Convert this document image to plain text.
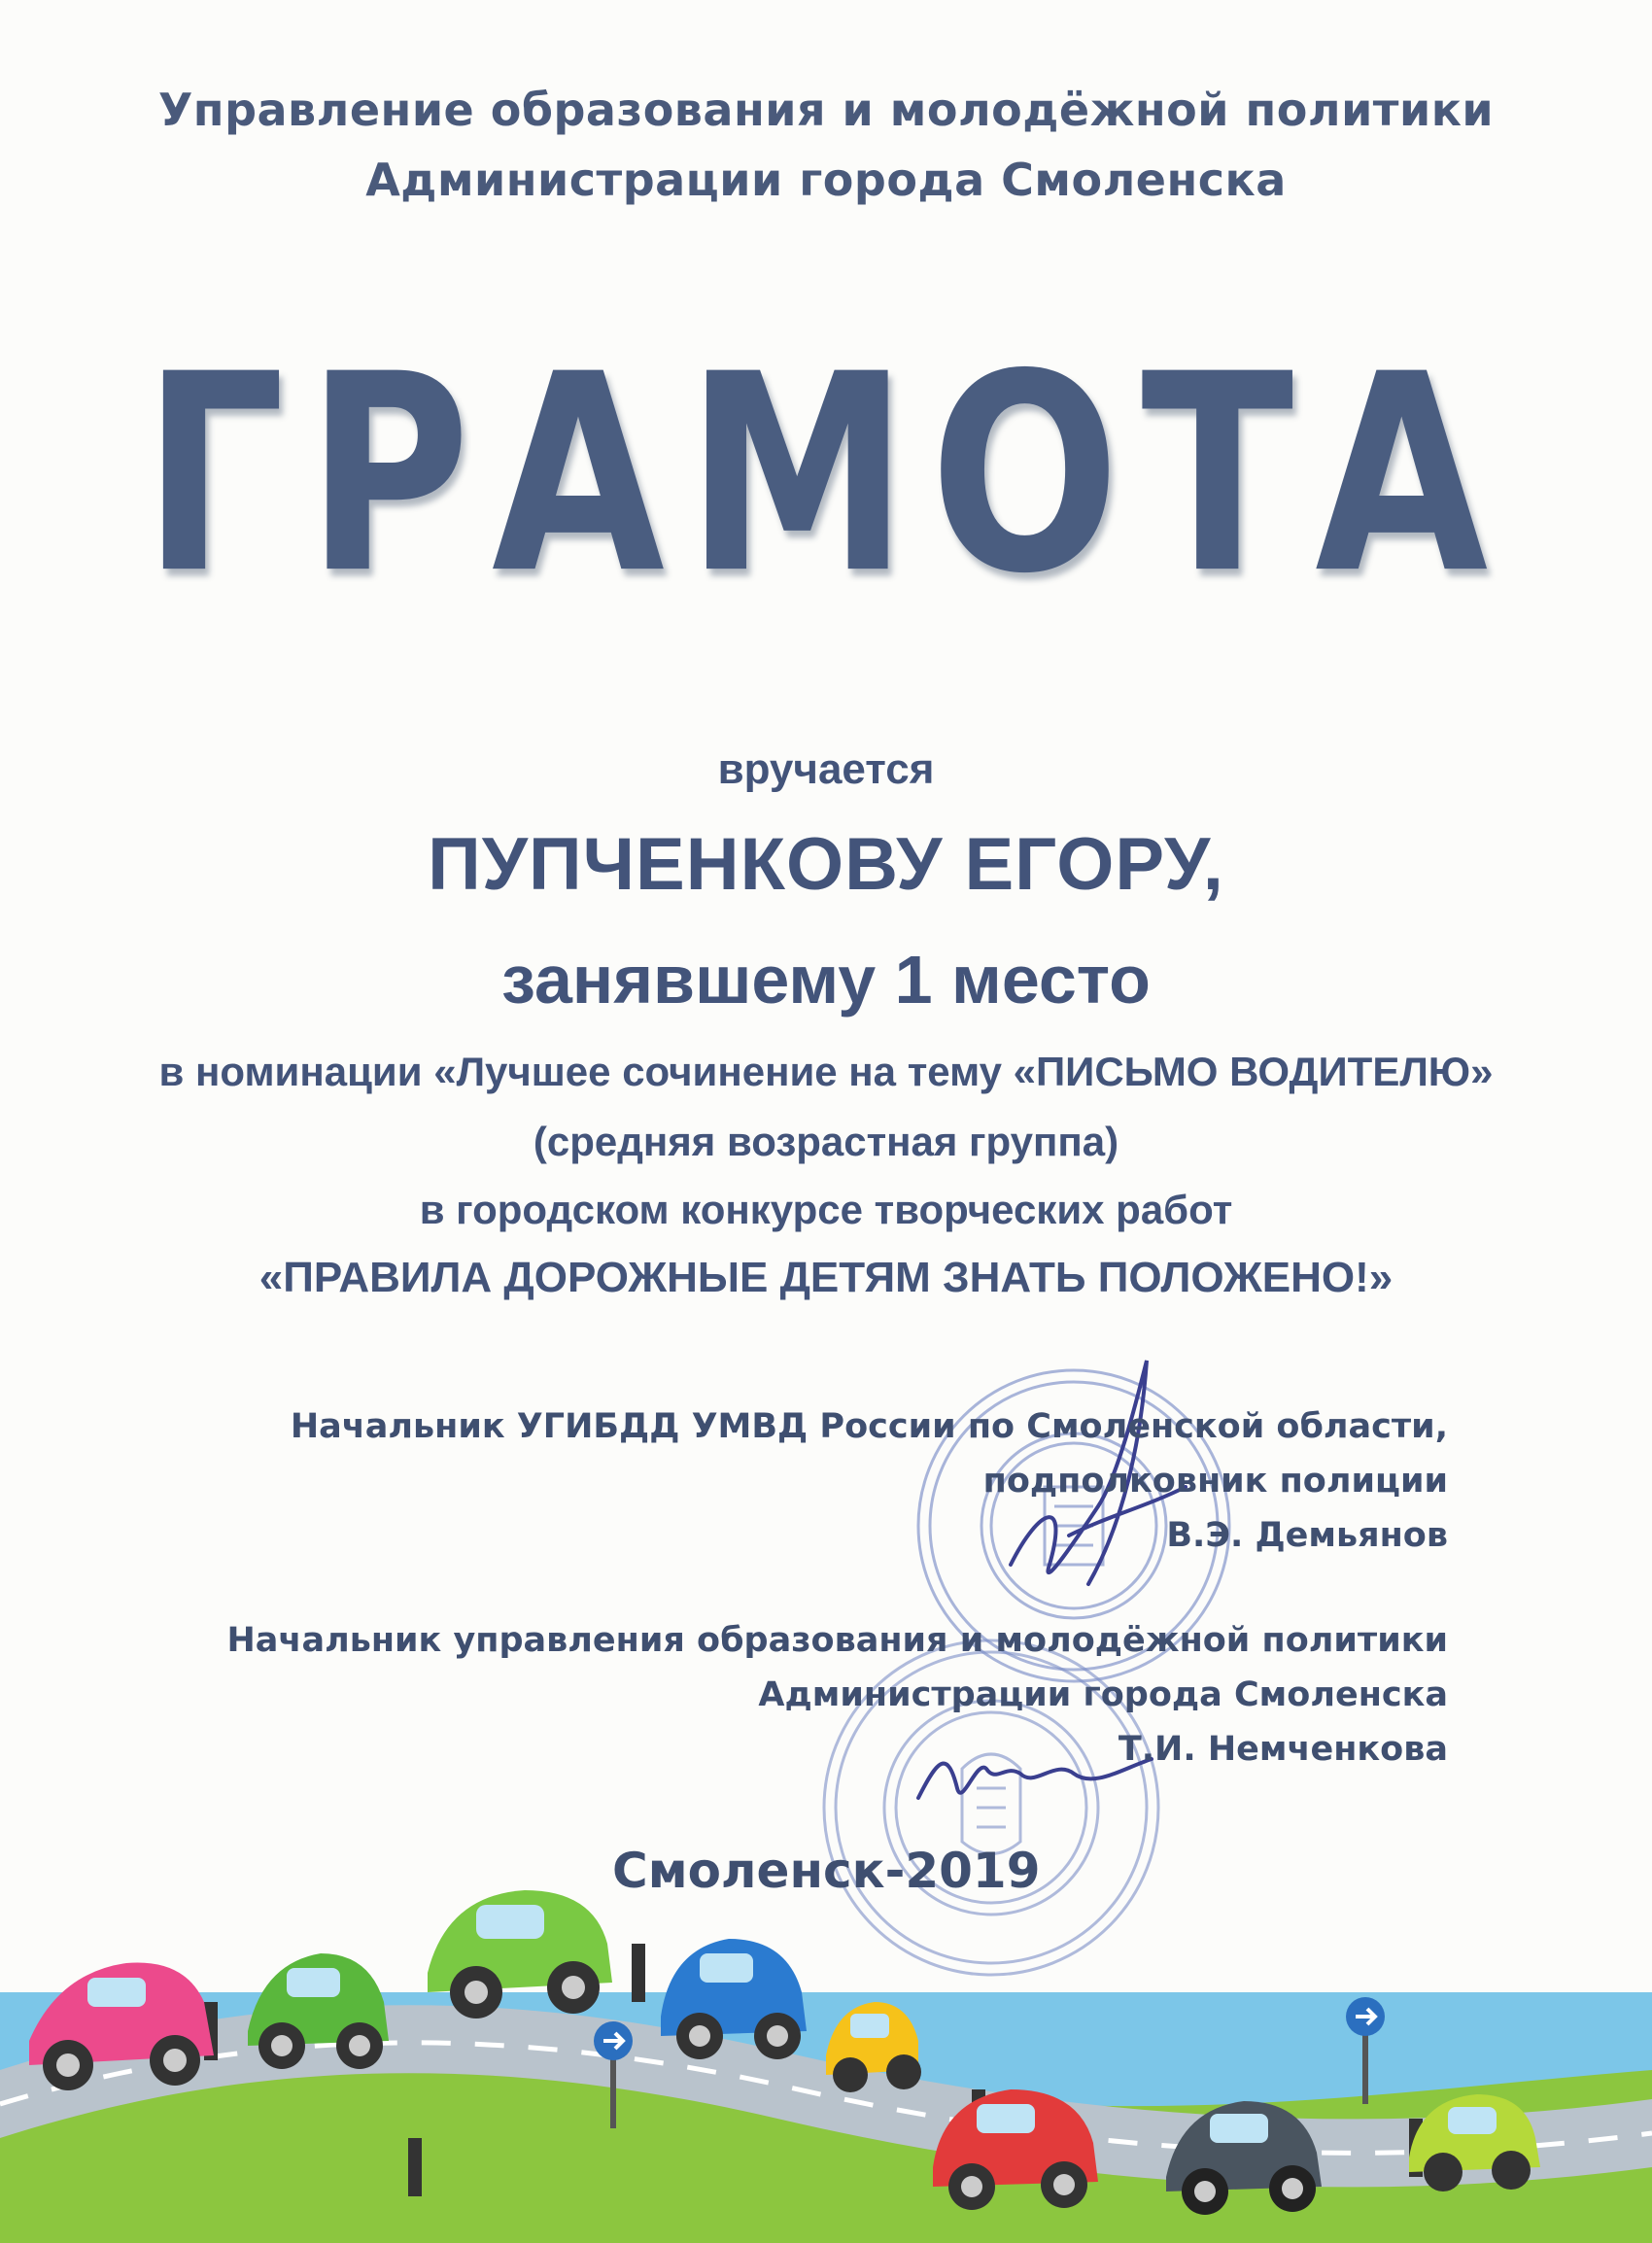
Управление образования и молодёжной политики
Администрации города Смоленска
ГРАМОТА
вручается
ПУПЧЕНКОВУ ЕГОРУ,
занявшему 1 место
в номинации «Лучшее сочинение на тему «ПИСЬМО ВОДИТЕЛЮ»
(средняя возрастная группа)
в городском конкурсе творческих работ
«ПРАВИЛА ДОРОЖНЫЕ ДЕТЯМ ЗНАТЬ ПОЛОЖЕНО!»
Начальник УГИБДД УМВД России по Смоленской области,
подполковник полиции
В.Э. Демьянов
Начальник управления образования и молодёжной политики
Администрации города Смоленска
Т.И. Немченкова
Смоленск-2019
